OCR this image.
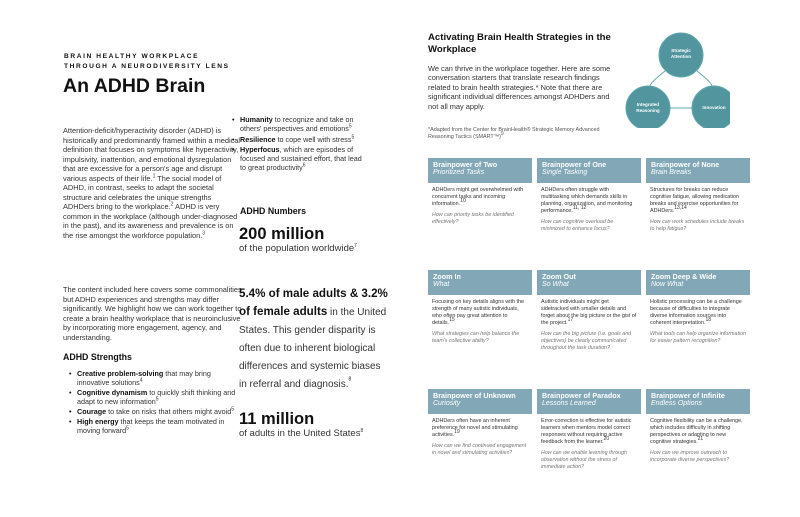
BRAIN HEALTHY WORKPLACE
THROUGH A NEURODIVERSITY LENS
An ADHD Brain
Attention-deficit/hyperactivity disorder (ADHD) is historically and predominantly framed within a medical definition that focuses on symptoms like hyperactivity, impulsivity, inattention, and emotional dysregulation that are excessive for a person's age and disrupt various aspects of their life.$^1$ The social model of ADHD, in contrast, seeks to adapt the societal structure and celebrates the unique strengths ADHDers bring to the workplace.$^2$ ADHD is very common in the workplace (although under-diagnosed in the past), and its awareness and prevalence is on the rise amongst the workforce population.$^3$
The content included here covers some commonalities but ADHD experiences and strengths may differ significantly. We highlight how we can work together to create a brain healthy workplace that is neuroinclusive by incorporating more engagement, agency, and understanding.
ADHD Strengths
• Creative problem-solving that may bring innovative solutions$^4$
• Cognitive dynamism to quickly shift thinking and adapt to new information$^5$
• Courage to take on risks that others might avoid$^5$
• High energy that keeps the team motivated in moving forward$^5$
• Humanity to recognize and take on others' perspectives and emotions$^5$
• Resilience to cope well with stress$^5$
• Hyperfocus, which are episodes of focused and sustained effort, that lead to great productivity$^6$
ADHD Numbers
200 million
of the population worldwide$^7$
5.4% of male adults & 3.2% of female adults in the United States. This gender disparity is often due to inherent biological differences and systemic biases in referral and diagnosis.$^8$
11 million
of adults in the United States$^8$
Activating Brain Health Strategies in the Workplace
We can thrive in the workplace together. Here are some conversation starters that translate research findings related to brain health strategies.* Note that there are significant individual differences amongst ADHDers and not all may apply.
*Adapted from the Center for BrainHealth® Strategic Memory Advanced Reasoning Tactics (SMART™)$^9$
Strategic Attention
Integrated Reasoning
Innovation
Brainpower of Two
Prioritized Tasks
ADHDers might get overwhelmed with concurrent tasks and incoming information.$^{10}$
How can priority tasks be identified effectively?
Brainpower of One
Single Tasking
ADHDers often struggle with multitasking which demands skills in planning, organization, and monitoring performance.$^{11, 12}$
How can cognitive overload be minimized to enhance focus?
Brainpower of None
Brain Breaks
Structures for breaks can reduce cognitive fatigue, allowing medication breaks and exercise opportunities for ADHDers.$^{13,14}$
How can work schedules include breaks to help fatigue?
Zoom In
What
Focusing on key details aligns with the strength of many autistic individuals, who often pay great attention to details.$^{15}$
What strategies can help balance the team's collective ability?
Zoom Out
So What
Autistic individuals might get sidetracked with smaller details and forget about the big picture or the gist of the project.$^{17}$
How can the big picture (i.e. goals and objectives) be clearly communicated throughout the task duration?
Zoom Deep & Wide
Now What
Holistic processing can be a challenge because of difficulties to integrate diverse information sources into coherent interpretation.$^{18}$
What tools can help organize information for easier pattern recognition?
Brainpower of Unknown
Curiosity
ADHDers often have an inherent preference for novel and stimulating activities.$^{19}$
How can we find continued engagement in novel and stimulating activities?
Brainpower of Paradox
Lessons Learned
Error-correction is effective for autistic learners when mentors model correct responses without requiring active feedback from the learner.$^{20}$
How can we enable learning through observation without the stress of immediate action?
Brainpower of Infinite
Endless Options
Cognitive flexibility can be a challenge, which includes difficulty in shifting perspectives or adapting to new cognitive strategies.$^{21}$
How can we improve outreach to incorporate diverse perspectives?
